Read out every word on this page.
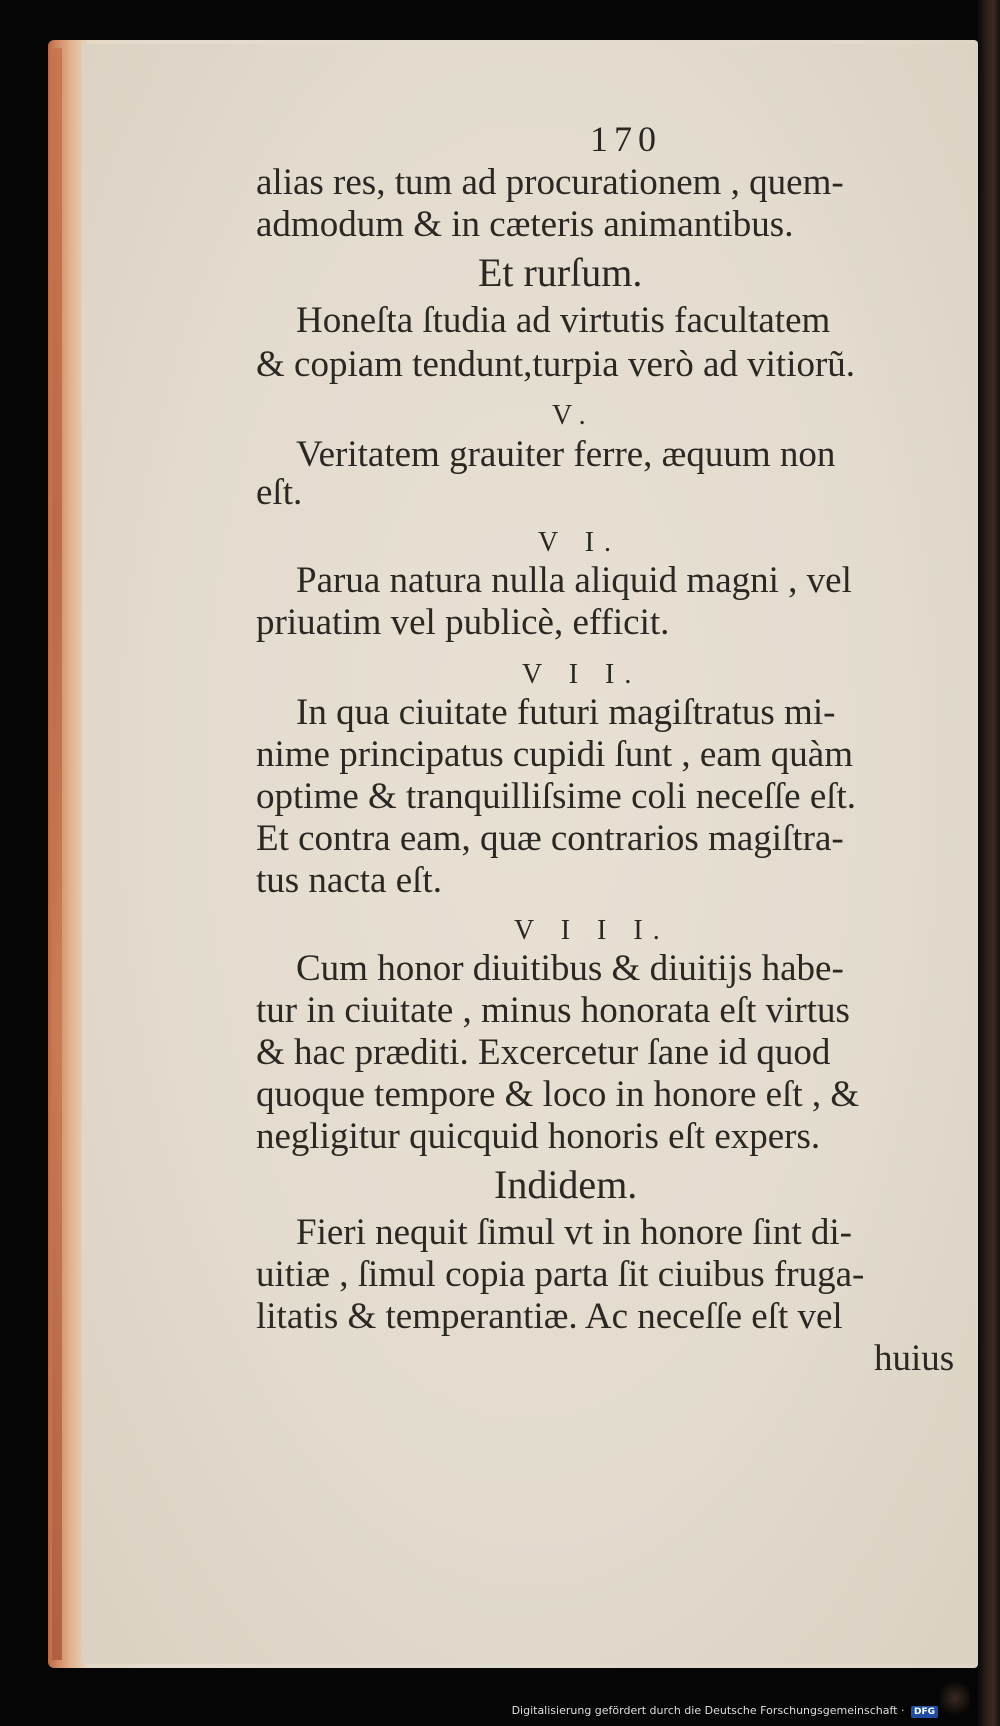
170
alias res, tum ad procurationem , quem-
admodum & in cæteris animantibus.
Et rurſum.
Honeſta ſtudia ad virtutis facultatem
& copiam tendunt,turpia verò ad vitiorũ.
V.
Veritatem grauiter ferre, æquum non
eſt.
V I.
Parua natura nulla aliquid magni , vel
priuatim vel publicè, efficit.
V I I.
In qua ciuitate futuri magiſtratus mi-
nime principatus cupidi ſunt , eam quàm
optime & tranquilliſsime coli neceſſe eſt.
Et contra eam, quæ contrarios magiſtra-
tus nacta eſt.
V I I I.
Cum honor diuitibus & diuitijs habe-
tur in ciuitate , minus honorata eſt virtus
& hac præditi. Excercetur ſane id quod
quoque tempore & loco in honore eſt , &
negligitur quicquid honoris eſt expers.
Indidem.
Fieri nequit ſimul vt in honore ſint di-
uitiæ , ſimul copia parta ſit ciuibus fruga-
litatis & temperantiæ. Ac neceſſe eſt vel
huius
Digitalisierung gefördert durch die Deutsche Forschungsgemeinschaft · DFG
